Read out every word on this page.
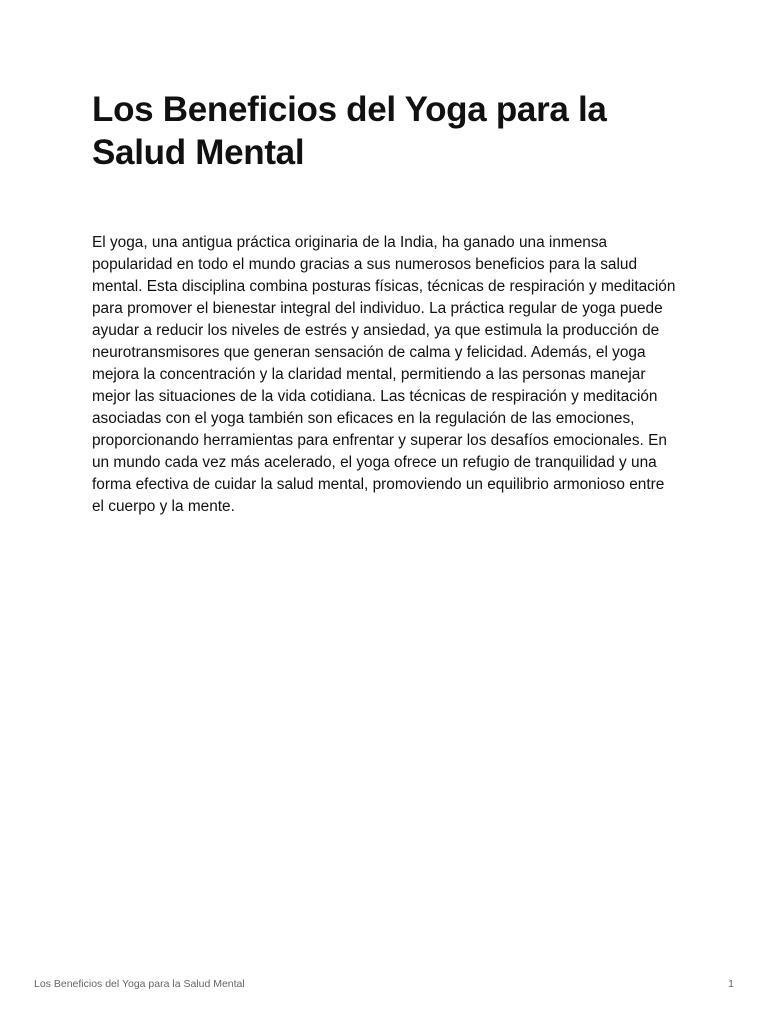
Los Beneficios del Yoga para la Salud Mental

El yoga, una antigua práctica originaria de la India, ha ganado una inmensa popularidad en todo el mundo gracias a sus numerosos beneficios para la salud mental. Esta disciplina combina posturas físicas, técnicas de respiración y meditación para promover el bienestar integral del individuo. La práctica regular de yoga puede ayudar a reducir los niveles de estrés y ansiedad, ya que estimula la producción de neurotransmisores que generan sensación de calma y felicidad. Además, el yoga mejora la concentración y la claridad mental, permitiendo a las personas manejar mejor las situaciones de la vida cotidiana. Las técnicas de respiración y meditación asociadas con el yoga también son eficaces en la regulación de las emociones, proporcionando herramientas para enfrentar y superar los desafíos emocionales. En un mundo cada vez más acelerado, el yoga ofrece un refugio de tranquilidad y una forma efectiva de cuidar la salud mental, promoviendo un equilibrio armonioso entre el cuerpo y la mente.

Los Beneficios del Yoga para la Salud Mental	1
